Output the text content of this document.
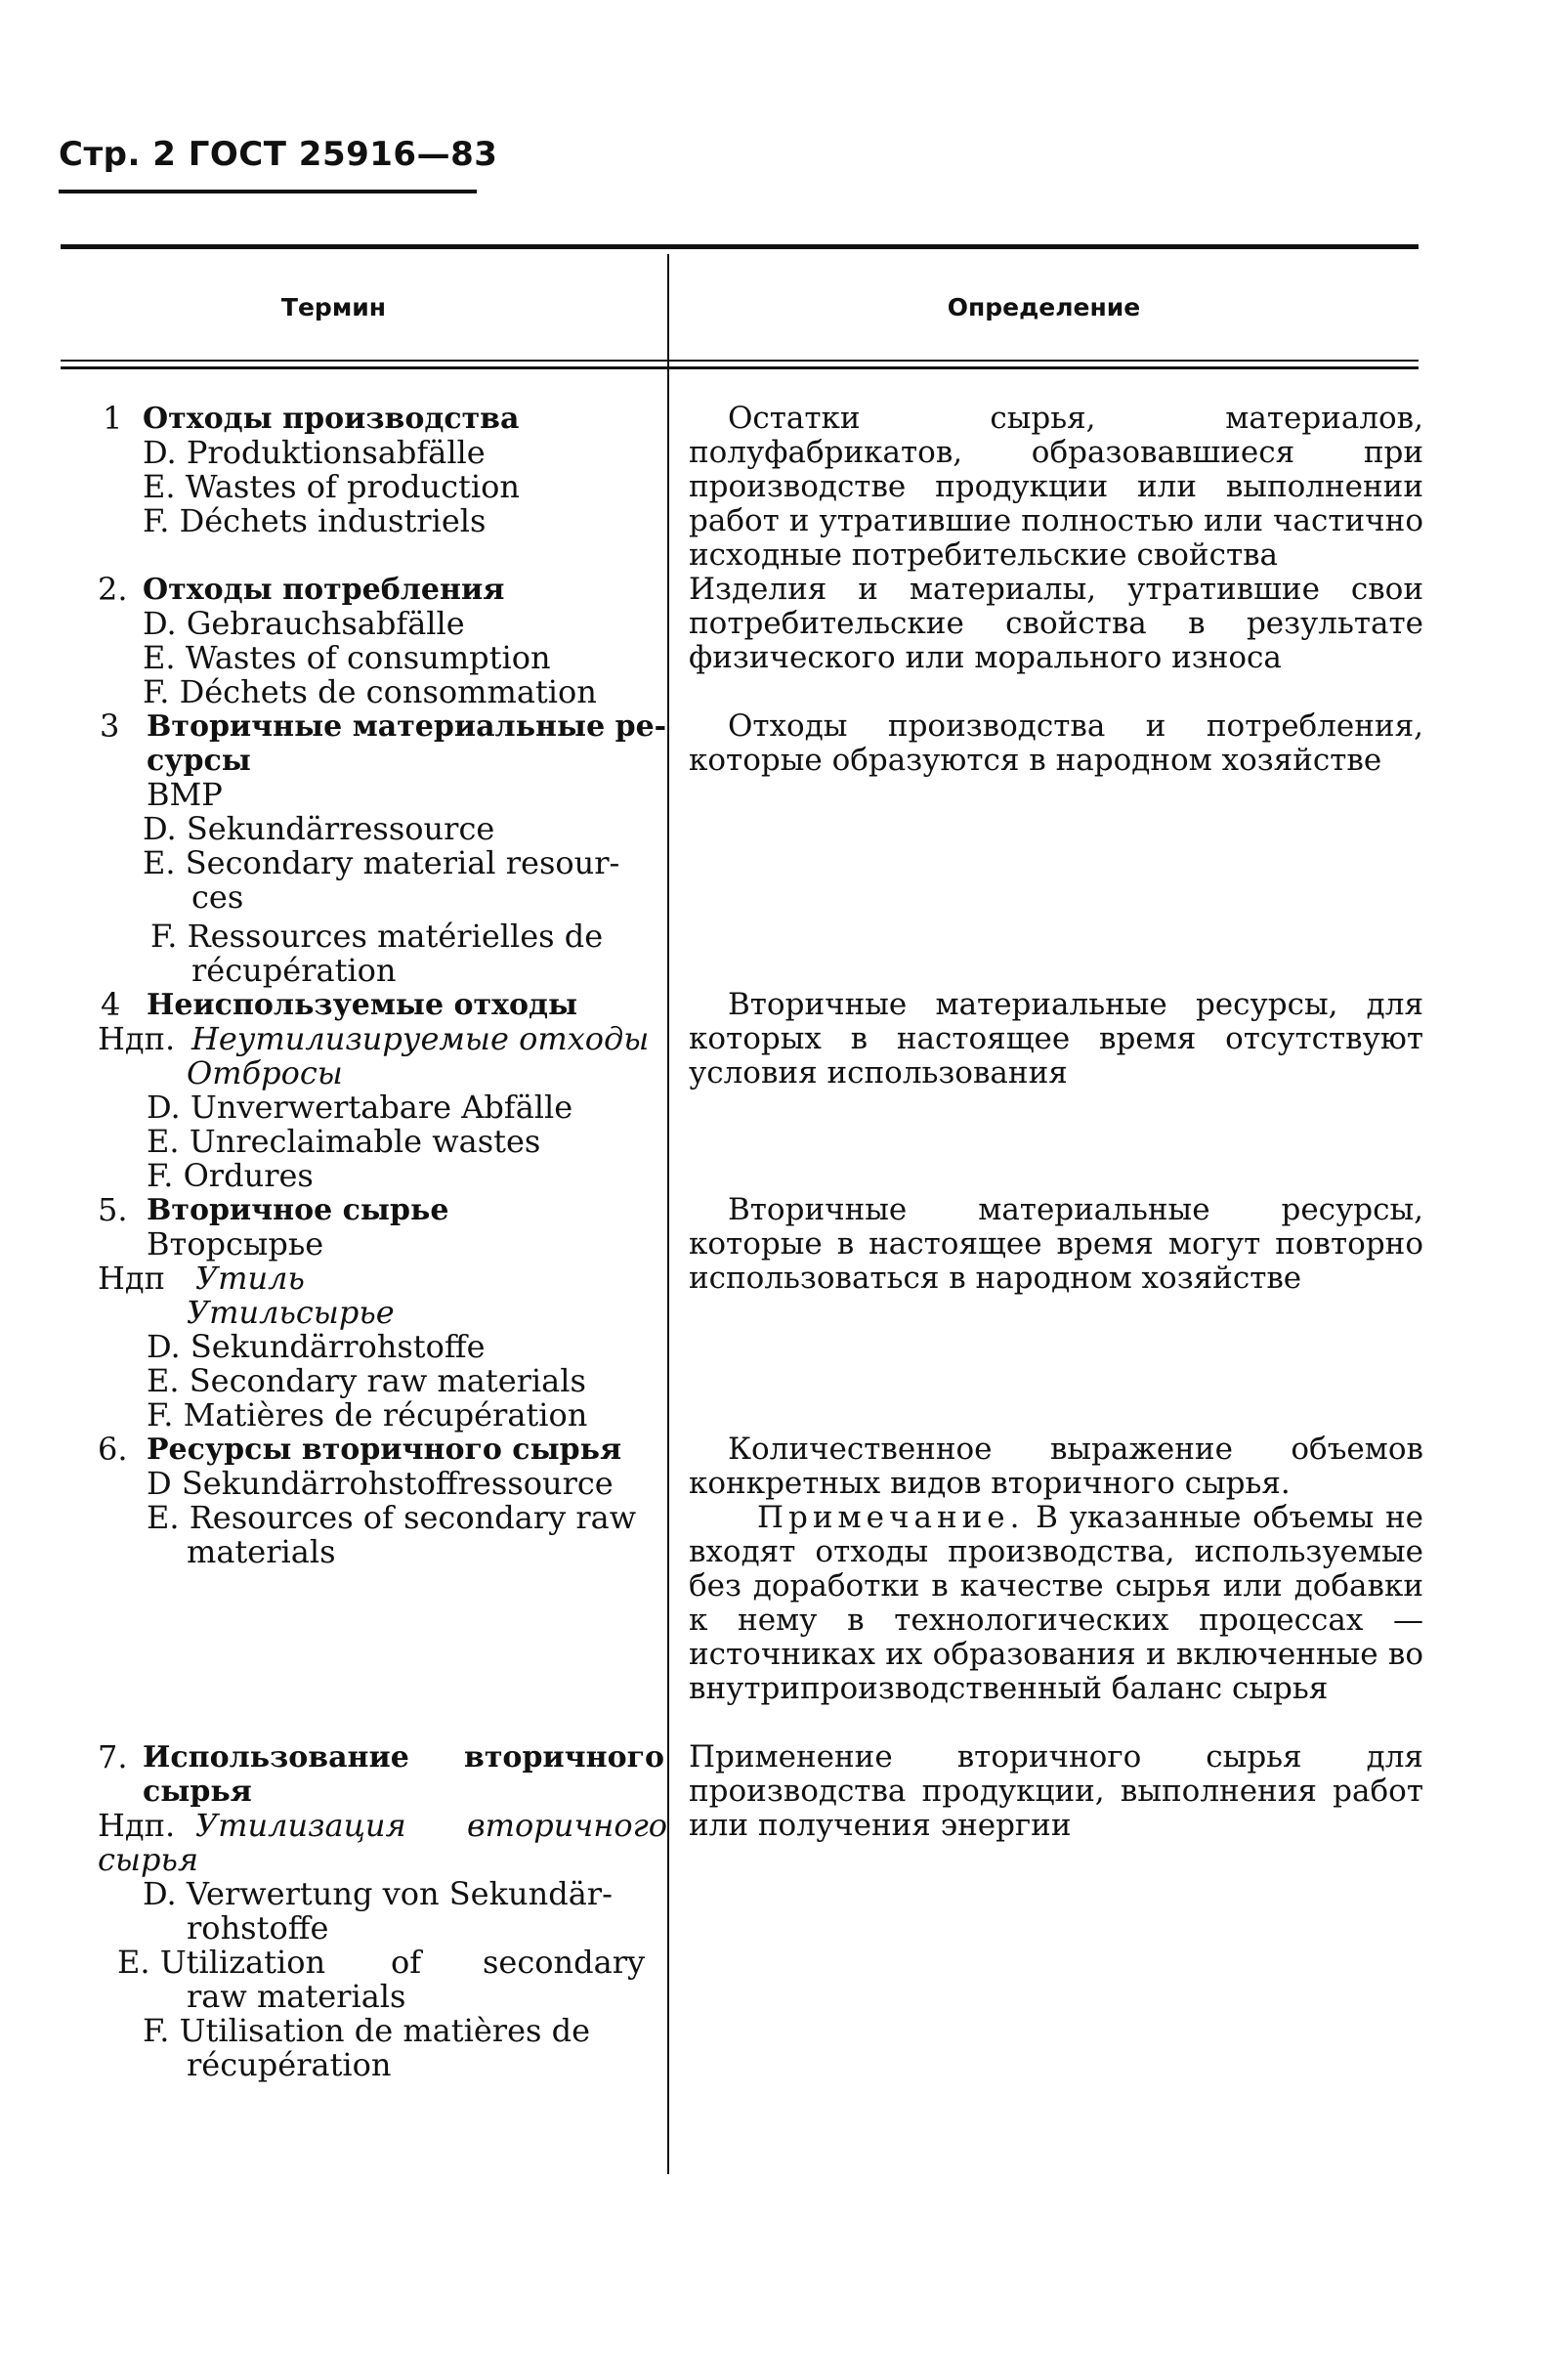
Стр. 2 ГОСТ 25916—83
Термин	Определение
1 Отходы производства
D. Produktionsabfälle
E. Wastes of production
F. Déchets industriels
Остатки сырья, материалов, полуфабрикатов, образовавшиеся при производстве продукции или выполнении работ и утратившие полностью или частично исходные потребительские свойства
2. Отходы потребления
D. Gebrauchsabfälle
E. Wastes of consumption
F. Déchets de consommation
Изделия и материалы, утратившие свои потребительские свойства в результате физического или морального износа
3 Вторичные материальные ре-
сурсы
ВМР
D. Sekundärressource
E. Secondary material resour-
ces
F. Ressources matérielles de
récupération
Отходы производства и потребления, которые образуются в народном хозяйстве
4 Неиспользуемые отходы
Ндп. Неутилизируемые отходы
Отбросы
D. Unverwertabare Abfälle
E. Unreclaimable wastes
F. Ordures
Вторичные материальные ресурсы, для которых в настоящее время отсутствуют условия использования
5. Вторичное сырье
Вторсырье
Ндп Утиль
Утильсырье
D. Sekundärrohstoffe
E. Secondary raw materials
F. Matières de récupération
Вторичные материальные ресурсы, которые в настоящее время могут повторно использоваться в народном хозяйстве
6. Ресурсы вторичного сырья
D Sekundärrohstoffressource
E. Resources of secondary raw
materials
Количественное выражение объемов конкретных видов вторичного сырья.

Примечание. В указанные объемы не входят отходы производства, используемые без доработки в качестве сырья или добавки к нему в технологических процессах — источниках их образования и включенные во внутрипроизводственный баланс сырья

7. Использование вторичного
сырья
Ндп. Утилизация вторичного
сырья
D. Verwertung von Sekundär-
rohstoffe
E. Utilization of secondary
raw materials
F. Utilisation de matières de
récupération
Применение вторичного сырья для производства продукции, выполнения работ или получения энергии
